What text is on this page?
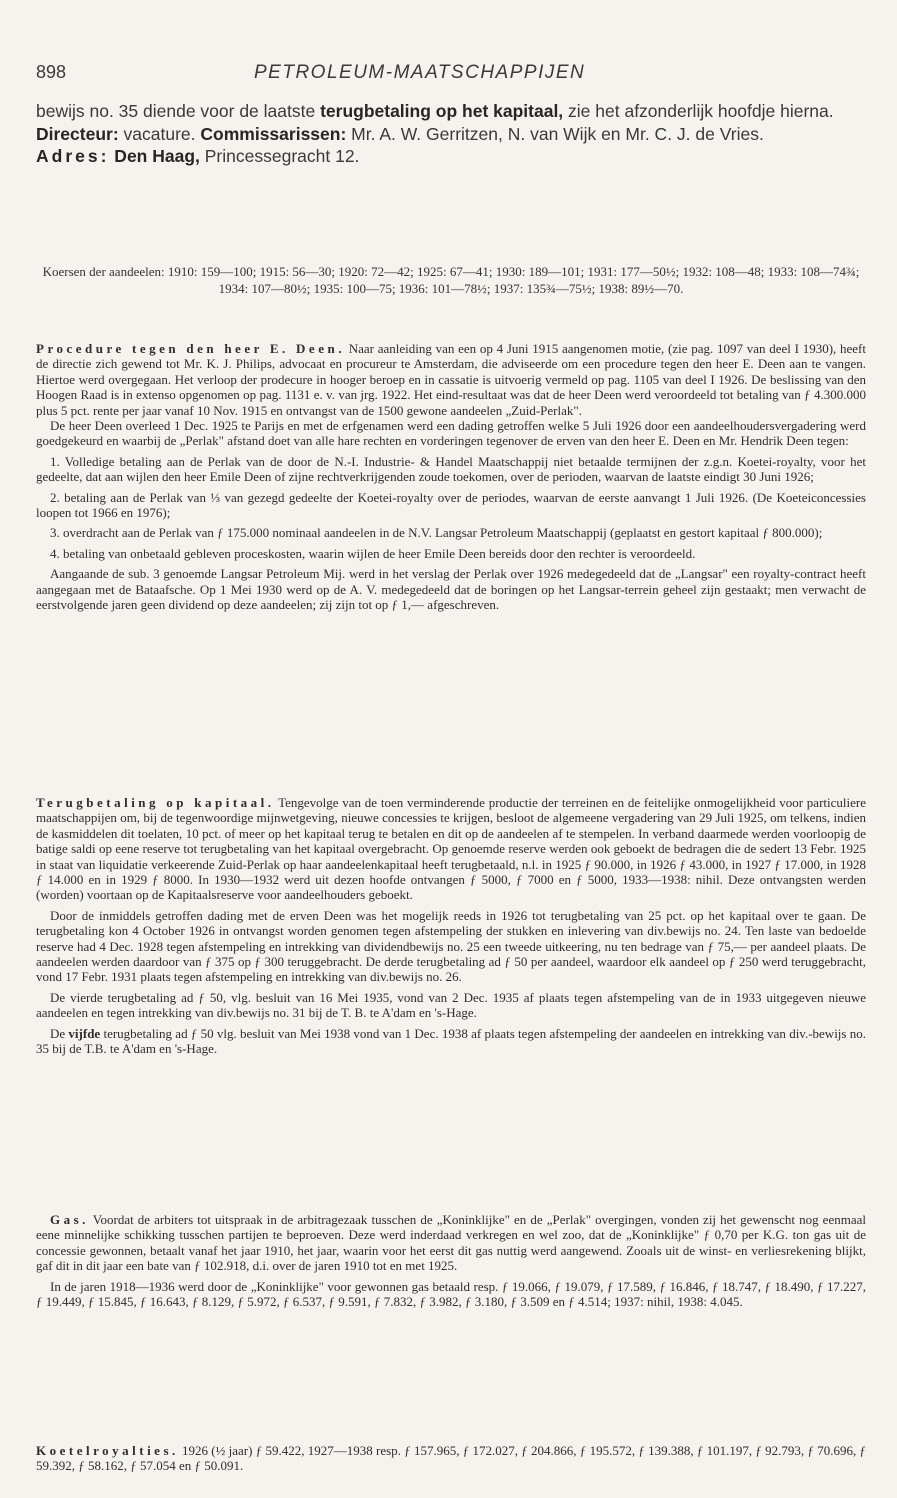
898	PETROLEUM-MAATSCHAPPIJEN

bewijs no. 35 diende voor de laatste terugbetaling op het kapitaal, zie het afzonderlijk hoofdje hierna.

Directeur: vacature. Commissarissen: Mr. A. W. Gerritzen, N. van Wijk en Mr. C. J. de Vries.

Adres: Den Haag, Princessegracht 12.

Koersen der aandeelen: 1910: 159—100; 1915: 56—30; 1920: 72—42; 1925: 67—41; 1930: 189—101; 1931: 177—50½; 1932: 108—48; 1933: 108—74¾; 1934: 107—80½; 1935: 100—75; 1936: 101—78½; 1937: 135¾—75½; 1938: 89½—70.

Procedure tegen den heer E. Deen. Naar aanleiding van een op 4 Juni 1915 aangenomen motie, (zie pag. 1097 van deel I 1930), heeft de directie zich gewend tot Mr. K. J. Philips, advocaat en procureur te Amsterdam, die adviseerde om een procedure tegen den heer E. Deen aan te vangen. Hiertoe werd overgegaan. Het verloop der prodecure in hooger beroep en in cassatie is uitvoerig vermeld op pag. 1105 van deel I 1926. De beslissing van den Hoogen Raad is in extenso opgenomen op pag. 1131 e. v. van jrg. 1922. Het eind-resultaat was dat de heer Deen werd veroordeeld tot betaling van ƒ 4.300.000 plus 5 pct. rente per jaar vanaf 10 Nov. 1915 en ontvangst van de 1500 gewone aandeelen „Zuid-Perlak".

De heer Deen overleed 1 Dec. 1925 te Parijs en met de erfgenamen werd een dading getroffen welke 5 Juli 1926 door een aandeelhoudersvergadering werd goedgekeurd en waarbij de „Perlak" afstand doet van alle hare rechten en vorderingen tegenover de erven van den heer E. Deen en Mr. Hendrik Deen tegen:

1. Volledige betaling aan de Perlak van de door de N.-I. Industrie- & Handel Maatschappij niet betaalde termijnen der z.g.n. Koetei-royalty, voor het gedeelte, dat aan wijlen den heer Emile Deen of zijne rechtverkrijgenden zoude toekomen, over de perioden, waarvan de laatste eindigt 30 Juni 1926;

2. betaling aan de Perlak van ⅓ van gezegd gedeelte der Koetei-royalty over de periodes, waarvan de eerste aanvangt 1 Juli 1926. (De Koeteiconcessies loopen tot 1966 en 1976);

3. overdracht aan de Perlak van ƒ 175.000 nominaal aandeelen in de N.V. Langsar Petroleum Maatschappij (geplaatst en gestort kapitaal ƒ 800.000);

4. betaling van onbetaald gebleven proceskosten, waarin wijlen de heer Emile Deen bereids door den rechter is veroordeeld.

Aangaande de sub. 3 genoemde Langsar Petroleum Mij. werd in het verslag der Perlak over 1926 medegedeeld dat de „Langsar" een royalty-contract heeft aangegaan met de Bataafsche. Op 1 Mei 1930 werd op de A. V. medegedeeld dat de boringen op het Langsar-terrein geheel zijn gestaakt; men verwacht de eerstvolgende jaren geen dividend op deze aandeelen; zij zijn tot op ƒ 1,— afgeschreven.

Terugbetaling op kapitaal. Tengevolge van de toen verminderende productie der terreinen en de feitelijke onmogelijkheid voor particuliere maatschappijen om, bij de tegenwoordige mijnwetgeving, nieuwe concessies te krijgen, besloot de algemeene vergadering van 29 Juli 1925, om telkens, indien de kasmiddelen dit toelaten, 10 pct. of meer op het kapitaal terug te betalen en dit op de aandeelen af te stempelen. In verband daarmede werden voorloopig de batige saldi op eene reserve tot terugbetaling van het kapitaal overgebracht. Op genoemde reserve werden ook geboekt de bedragen die de sedert 13 Febr. 1925 in staat van liquidatie verkeerende Zuid-Perlak op haar aandeelenkapitaal heeft terugbetaald, n.l. in 1925 ƒ 90.000, in 1926 ƒ 43.000, in 1927 ƒ 17.000, in 1928 ƒ 14.000 en in 1929 ƒ 8000. In 1930—1932 werd uit dezen hoofde ontvangen ƒ 5000, ƒ 7000 en ƒ 5000, 1933—1938: nihil. Deze ontvangsten werden (worden) voortaan op de Kapitaalsreserve voor aandeelhouders geboekt.

Door de inmiddels getroffen dading met de erven Deen was het mogelijk reeds in 1926 tot terugbetaling van 25 pct. op het kapitaal over te gaan. De terugbetaling kon 4 October 1926 in ontvangst worden genomen tegen afstempeling der stukken en inlevering van div.bewijs no. 24. Ten laste van bedoelde reserve had 4 Dec. 1928 tegen afstempeling en intrekking van dividendbewijs no. 25 een tweede uitkeering, nu ten bedrage van ƒ 75,— per aandeel plaats. De aandeelen werden daardoor van ƒ 375 op ƒ 300 teruggebracht. De derde terugbetaling ad ƒ 50 per aandeel, waardoor elk aandeel op ƒ 250 werd teruggebracht, vond 17 Febr. 1931 plaats tegen afstempeling en intrekking van div.bewijs no. 26.

De vierde terugbetaling ad ƒ 50, vlg. besluit van 16 Mei 1935, vond van 2 Dec. 1935 af plaats tegen afstempeling van de in 1933 uitgegeven nieuwe aandeelen en tegen intrekking van div.bewijs no. 31 bij de T. B. te A'dam en 's-Hage.

De vijfde terugbetaling ad ƒ 50 vlg. besluit van Mei 1938 vond van 1 Dec. 1938 af plaats tegen afstempeling der aandeelen en intrekking van div.-bewijs no. 35 bij de T.B. te A'dam en 's-Hage.

Gas. Voordat de arbiters tot uitspraak in de arbitragezaak tusschen de „Koninklijke" en de „Perlak" overgingen, vonden zij het gewenscht nog eenmaal eene minnelijke schikking tusschen partijen te beproeven. Deze werd inderdaad verkregen en wel zoo, dat de „Koninklijke" ƒ 0,70 per K.G. ton gas uit de concessie gewonnen, betaalt vanaf het jaar 1910, het jaar, waarin voor het eerst dit gas nuttig werd aangewend. Zooals uit de winst- en verliesrekening blijkt, gaf dit in dit jaar een bate van ƒ 102.918, d.i. over de jaren 1910 tot en met 1925.

In de jaren 1918—1936 werd door de „Koninklijke" voor gewonnen gas betaald resp. ƒ 19.066, ƒ 19.079, ƒ 17.589, ƒ 16.846, ƒ 18.747, ƒ 18.490, ƒ 17.227, ƒ 19.449, ƒ 15.845, ƒ 16.643, ƒ 8.129, ƒ 5.972, ƒ 6.537, ƒ 9.591, ƒ 7.832, ƒ 3.982, ƒ 3.180, ƒ 3.509 en ƒ 4.514; 1937: nihil, 1938: 4.045.

Koetelroyalties. 1926 (½ jaar) ƒ 59.422, 1927—1938 resp. ƒ 157.965, ƒ 172.027, ƒ 204.866, ƒ 195.572, ƒ 139.388, ƒ 101.197, ƒ 92.793, ƒ 70.696, ƒ 59.392, ƒ 58.162, ƒ 57.054 en ƒ 50.091.
